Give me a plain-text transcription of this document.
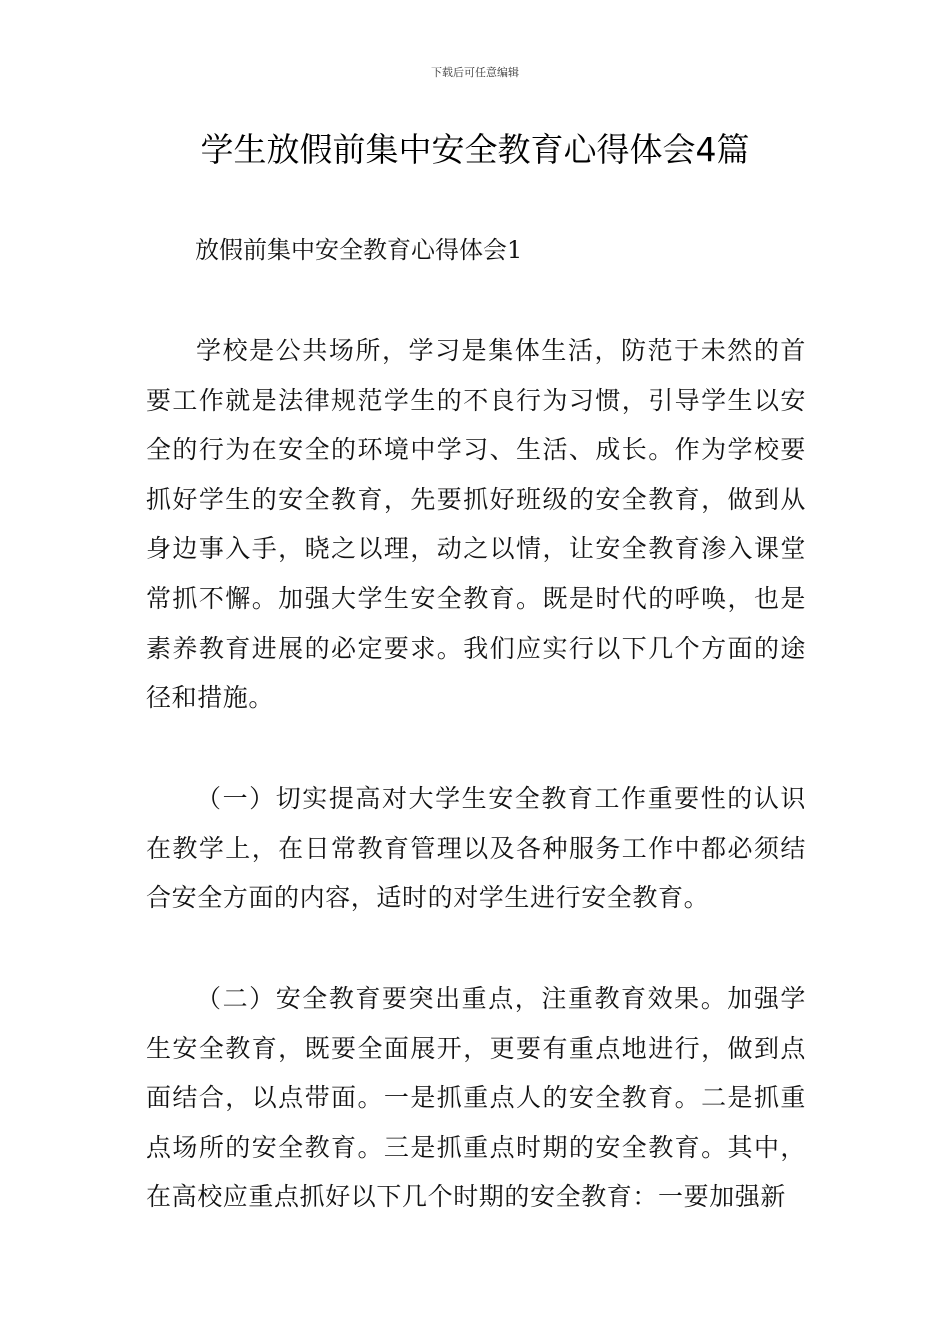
下载后可任意编辑
学生放假前集中安全教育心得体会4篇

放假前集中安全教育心得体会1

学校是公共场所，学习是集体生活，防范于未然的首要工作就是法律规范学生的不良行为习惯，引导学生以安全的行为在安全的环境中学习、生活、成长。作为学校要抓好学生的安全教育，先要抓好班级的安全教育，做到从身边事入手，晓之以理，动之以情，让安全教育渗入课堂常抓不懈。加强大学生安全教育。既是时代的呼唤，也是素养教育进展的必定要求。我们应实行以下几个方面的途径和措施。

（一）切实提高对大学生安全教育工作重要性的认识在教学上，在日常教育管理以及各种服务工作中都必须结合安全方面的内容，适时的对学生进行安全教育。

（二）安全教育要突出重点，注重教育效果。加强学生安全教育，既要全面展开，更要有重点地进行，做到点面结合，以点带面。一是抓重点人的安全教育。二是抓重点场所的安全教育。三是抓重点时期的安全教育。其中，在高校应重点抓好以下几个时期的安全教育：一要加强新
